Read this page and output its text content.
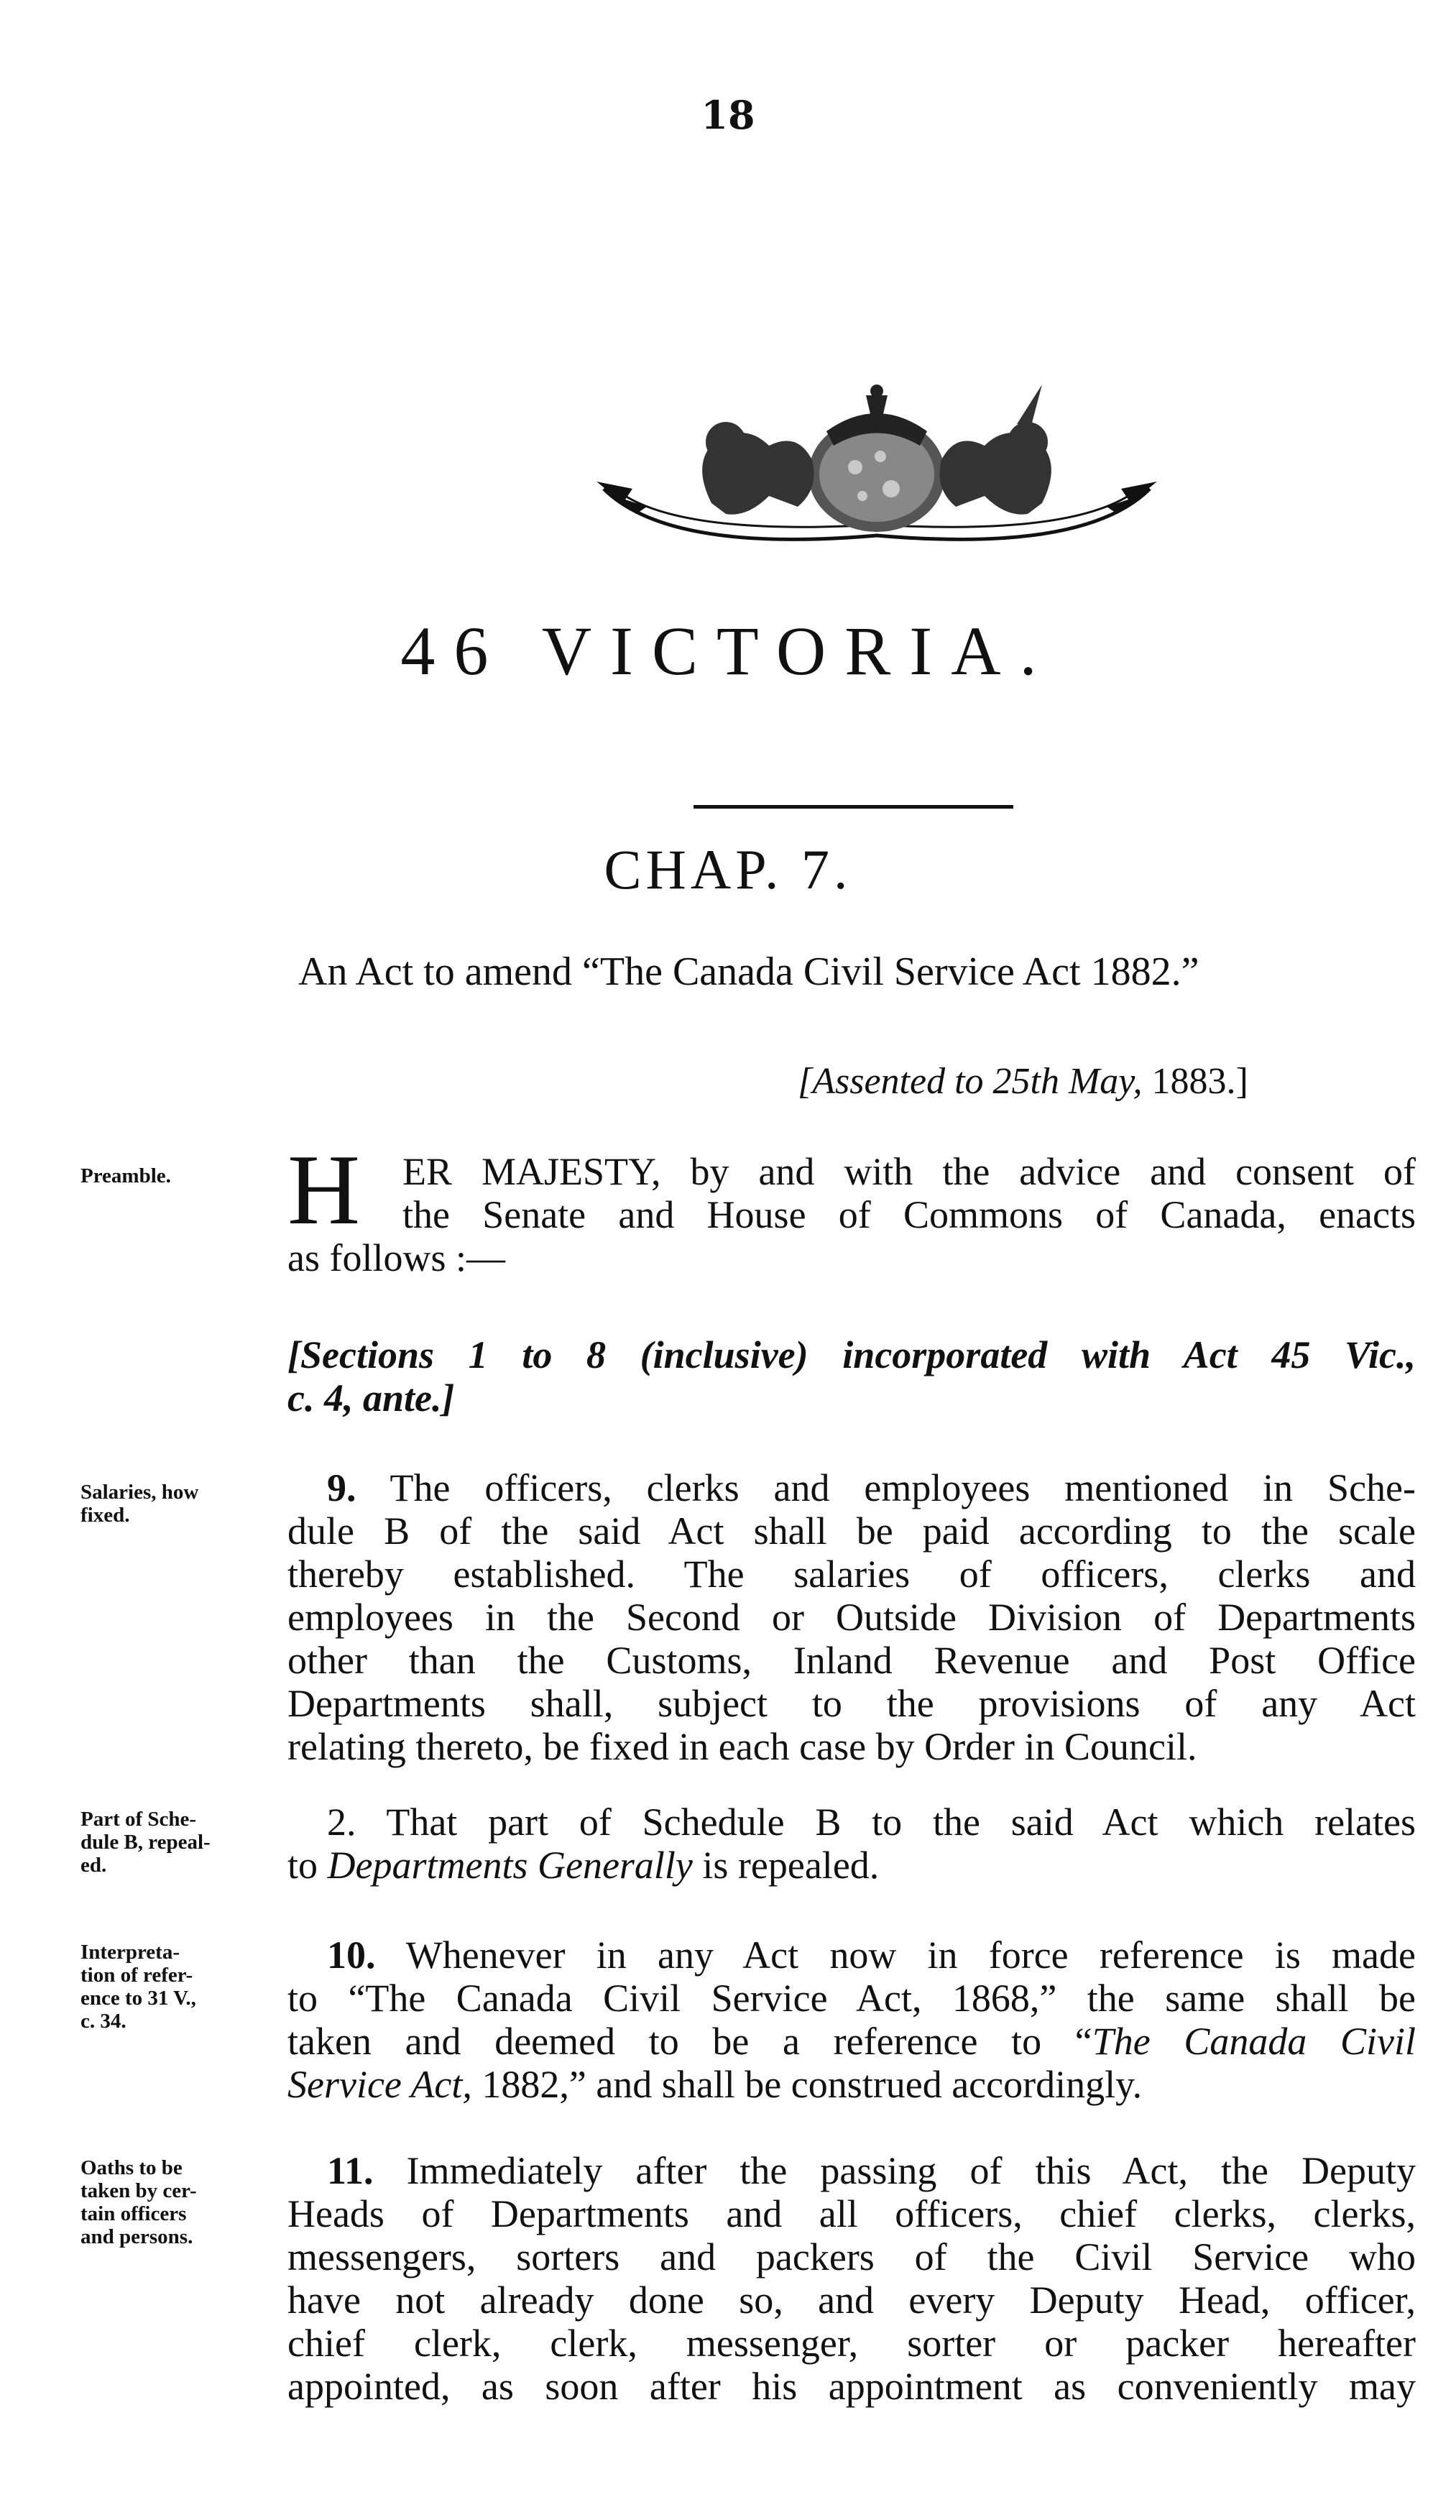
18
46 VICTORIA.
CHAP. 7.
An Act to amend “The Canada Civil Service Act 1882.”
[Assented to 25th May, 1883.]
Preamble.	H	ER MAJESTY, by and with the advice and consent of
the Senate and House of Commons of Canada, enacts
as follows :—
[Sections 1 to 8 (inclusive) incorporated with Act 45 Vic.,
c. 4, ante.]
Salaries, how
fixed.
9. The officers, clerks and employees mentioned in Sche-
dule B of the said Act shall be paid according to the scale
thereby established. The salaries of officers, clerks and
employees in the Second or Outside Division of Departments
other than the Customs, Inland Revenue and Post Office
Departments shall, subject to the provisions of any Act
relating thereto, be fixed in each case by Order in Council.
Part of Sche-
dule B, repeal-
ed.
2. That part of Schedule B to the said Act which relates
to Departments Generally is repealed.
Interpreta-
tion of refer-
ence to 31 V.,
c. 34.
10. Whenever in any Act now in force reference is made
to “The Canada Civil Service Act, 1868,” the same shall be
taken and deemed to be a reference to “The Canada Civil
Service Act, 1882,” and shall be construed accordingly.
Oaths to be
taken by cer-
tain officers
and persons.
11. Immediately after the passing of this Act, the Deputy
Heads of Departments and all officers, chief clerks, clerks,
messengers, sorters and packers of the Civil Service who
have not already done so, and every Deputy Head, officer,
chief clerk, clerk, messenger, sorter or packer hereafter
appointed, as soon after his appointment as conveniently may
